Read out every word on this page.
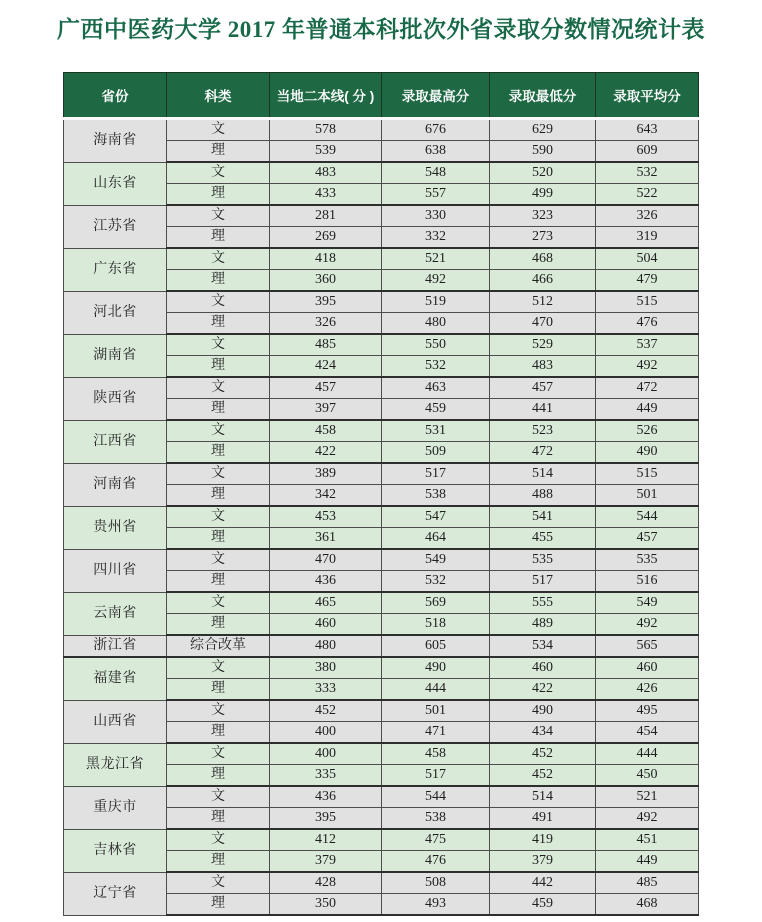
广西中医药大学 2017 年普通本科批次外省录取分数情况统计表
省份	科类	当地二本线( 分 )	录取最高分	录取最低分	录取平均分
海南省	文	578	676	629	643
	理	539	638	590	609
山东省	文	483	548	520	532
	理	433	557	499	522
江苏省	文	281	330	323	326
	理	269	332	273	319
广东省	文	418	521	468	504
	理	360	492	466	479
河北省	文	395	519	512	515
	理	326	480	470	476
湖南省	文	485	550	529	537
	理	424	532	483	492
陕西省	文	457	463	457	472
	理	397	459	441	449
江西省	文	458	531	523	526
	理	422	509	472	490
河南省	文	389	517	514	515
	理	342	538	488	501
贵州省	文	453	547	541	544
	理	361	464	455	457
四川省	文	470	549	535	535
	理	436	532	517	516
云南省	文	465	569	555	549
	理	460	518	489	492
浙江省	综合改革	480	605	534	565
福建省	文	380	490	460	460
	理	333	444	422	426
山西省	文	452	501	490	495
	理	400	471	434	454
黑龙江省	文	400	458	452	444
	理	335	517	452	450
重庆市	文	436	544	514	521
	理	395	538	491	492
吉林省	文	412	475	419	451
	理	379	476	379	449
辽宁省	文	428	508	442	485
	理	350	493	459	468
